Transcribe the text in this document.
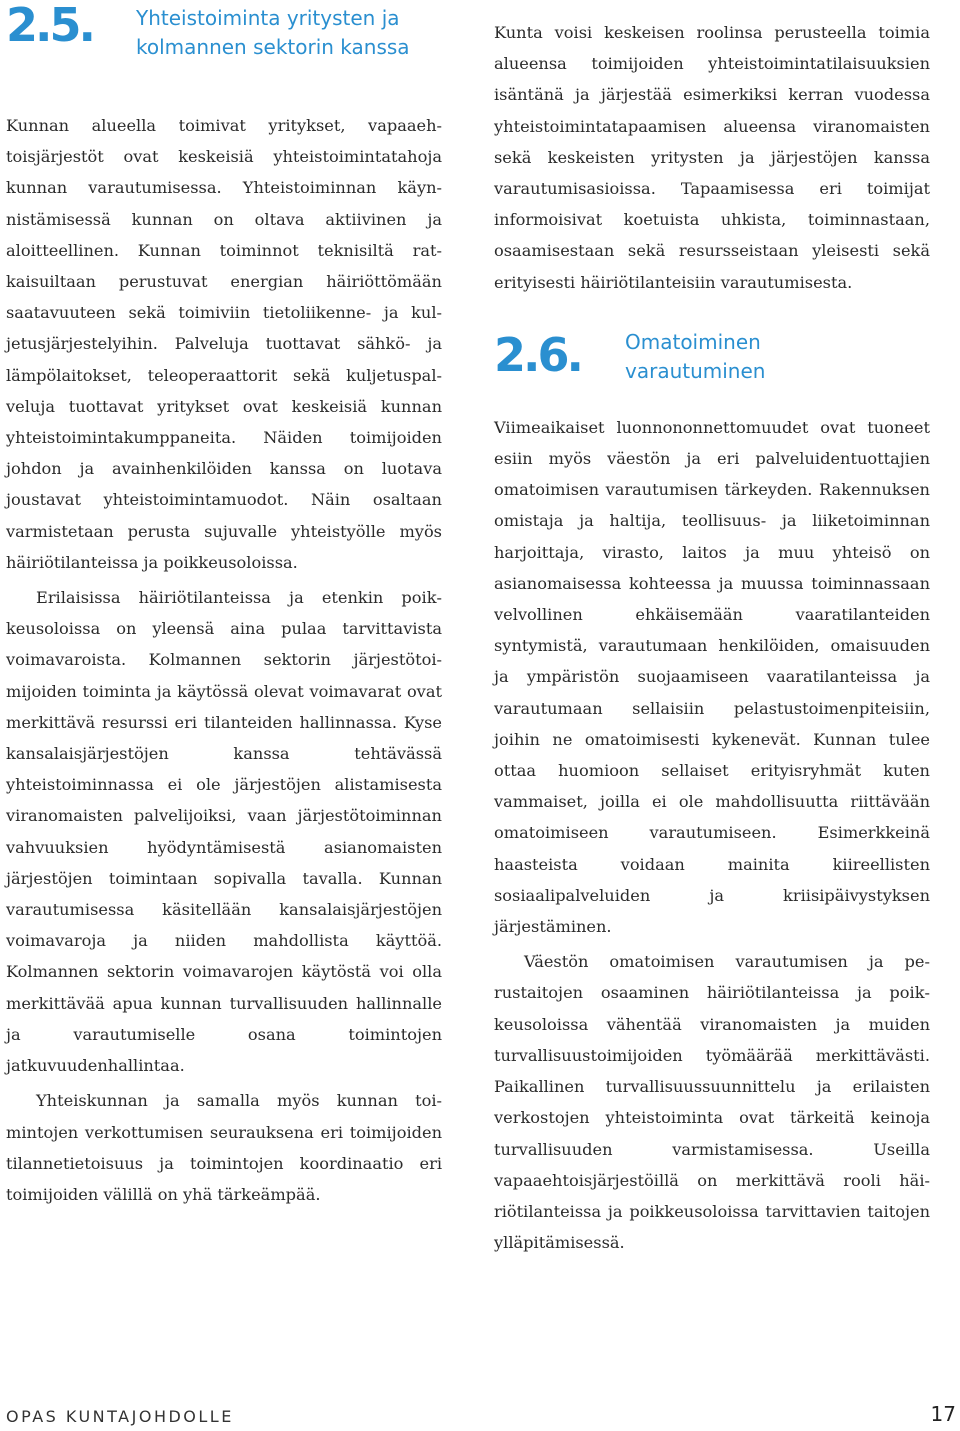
2.5. Yhteistoiminta yritysten ja kolmannen sektorin kanssa

Kunnan alueella toimivat yritykset, vapaaehtoisjärjestöt ovat keskeisiä yhteistoimintatahoja kunnan varautumisessa. Yhteistoiminnan käynnistämisessä kunnan on oltava aktiivinen ja aloitteellinen. Kunnan toiminnot teknisiltä ratkaisuiltaan perustuvat energian häiriöttömään saatavuuteen sekä toimiviin tietoliikenne- ja kuljetusjärjestelyihin. Palveluja tuottavat sähkö- ja lämpölaitokset, teleoperaattorit sekä kuljetuspalveluja tuottavat yritykset ovat keskeisiä kunnan yhteistoimintakumppaneita. Näiden toimijoiden johdon ja avainhenkilöiden kanssa on luotava joustavat yhteistoimintamuodot. Näin osaltaan varmistetaan perusta sujuvalle yhteistyölle myös häiriötilanteissa ja poikkeusoloissa.

Erilaisissa häiriötilanteissa ja etenkin poikkeusoloissa on yleensä aina pulaa tarvittavista voimavaroista. Kolmannen sektorin järjestötoimijoiden toiminta ja käytössä olevat voimavarat ovat merkittävä resurssi eri tilanteiden hallinnassa. Kyse kansalaisjärjestöjen kanssa tehtävässä yhteistoiminnassa ei ole järjestöjen alistamisesta viranomaisten palvelijoiksi, vaan järjestötoiminnan vahvuuksien hyödyntämisestä asianomaisten järjestöjen toimintaan sopivalla tavalla. Kunnan varautumisessa käsitellään kansalaisjärjestöjen voimavaroja ja niiden mahdollista käyttöä. Kolmannen sektorin voimavarojen käytöstä voi olla merkittävää apua kunnan turvallisuuden hallinnalle ja varautumiselle osana toimintojen jatkuvuudenhallintaa.

Yhteiskunnan ja samalla myös kunnan toimintojen verkottumisen seurauksena eri toimijoiden tilannetietoisuus ja toimintojen koordinaatio eri toimijoiden välillä on yhä tärkeämpää.

Kunta voisi keskeisen roolinsa perusteella toimia alueensa toimijoiden yhteistoimintatilaisuuksien isäntänä ja järjestää esimerkiksi kerran vuodessa yhteistoimintatapaamisen alueensa viranomaisten sekä keskeisten yritysten ja järjestöjen kanssa varautumisasioissa. Tapaamisessa eri toimijat informoisivat koetuista uhkista, toiminnastaan, osaamisestaan sekä resursseistaan yleisesti sekä erityisesti häiriötilanteisiin varautumisesta.

2.6. Omatoiminen varautuminen

Viimeaikaiset luonnononnettomuudet ovat tuoneet esiin myös väestön ja eri palveluidentuottajien omatoimisen varautumisen tärkeyden. Rakennuksen omistaja ja haltija, teollisuus- ja liiketoiminnan harjoittaja, virasto, laitos ja muu yhteisö on asianomaisessa kohteessa ja muussa toiminnassaan velvollinen ehkäisemään vaaratilanteiden syntymistä, varautumaan henkilöiden, omaisuuden ja ympäristön suojaamiseen vaaratilanteissa ja varautumaan sellaisiin pelastustoimenpiteisiin, joihin ne omatoimisesti kykenevät. Kunnan tulee ottaa huomioon sellaiset erityisryhmät kuten vammaiset, joilla ei ole mahdollisuutta riittävään omatoimiseen varautumiseen. Esimerkkeinä haasteista voidaan mainita kiireellisten sosiaalipalveluiden ja kriisipäivystyksen järjestäminen.

Väestön omatoimisen varautumisen ja perustaitojen osaaminen häiriötilanteissa ja poikkeusoloissa vähentää viranomaisten ja muiden turvallisuustoimijoiden työmäärää merkittävästi. Paikallinen turvallisuussuunnittelu ja erilaisten verkostojen yhteistoiminta ovat tärkeitä keinoja turvallisuuden varmistamisessa. Useilla vapaaehtoisjärjestöillä on merkittävä rooli häiriötilanteissa ja poikkeusoloissa tarvittavien taitojen ylläpitämisessä.

OPAS KUNTAJOHDOLLE	17
